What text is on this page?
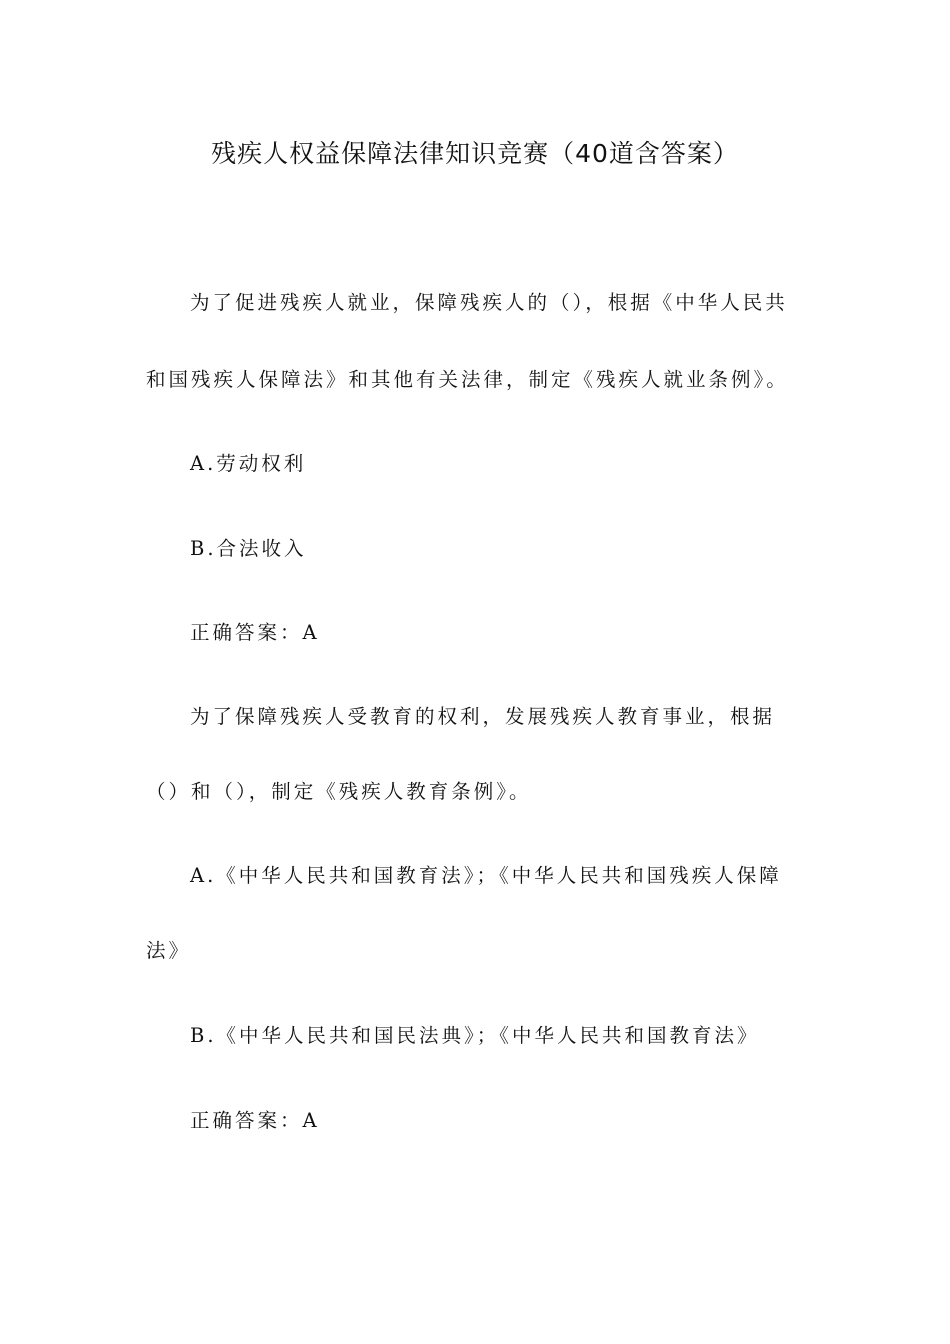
残疾人权益保障法律知识竞赛（40道含答案）
为了促进残疾人就业，保障残疾人的（），根据《中华人民共
和国残疾人保障法》和其他有关法律，制定《残疾人就业条例》。
A.劳动权利
B.合法收入
正确答案：A
为了保障残疾人受教育的权利，发展残疾人教育事业，根据
（）和（），制定《残疾人教育条例》。
A.《中华人民共和国教育法》；《中华人民共和国残疾人保障
法》
B.《中华人民共和国民法典》；《中华人民共和国教育法》
正确答案：A
